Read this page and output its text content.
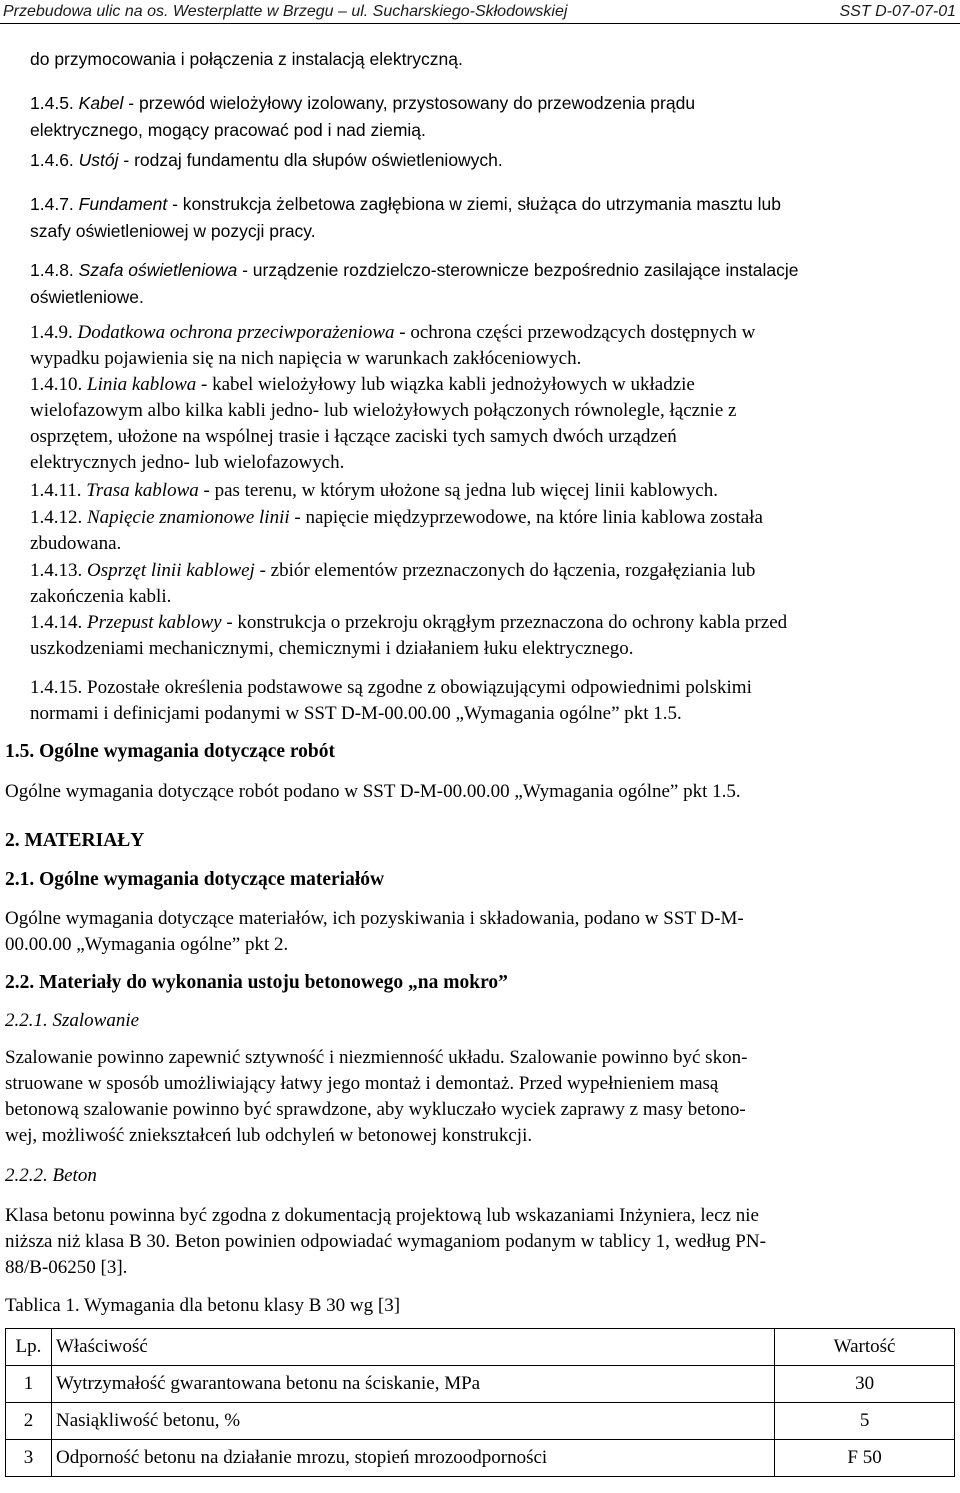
Przebudowa ulic na os. Westerplatte w Brzegu – ul. Sucharskiego-Skłodowskiej	SST D-07-07-01
do przymocowania i połączenia z instalacją elektryczną.
1.4.5. Kabel - przewód wielożyłowy izolowany, przystosowany do przewodzenia prądu
elektrycznego, mogący pracować pod i nad ziemią.
1.4.6. Ustój - rodzaj fundamentu dla słupów oświetleniowych.
1.4.7. Fundament - konstrukcja żelbetowa zagłębiona w ziemi, służąca do utrzymania masztu lub
szafy oświetleniowej w pozycji pracy.
1.4.8. Szafa oświetleniowa - urządzenie rozdzielczo-sterownicze bezpośrednio zasilające instalacje
oświetleniowe.
1.4.9. Dodatkowa ochrona przeciwporażeniowa - ochrona części przewodzących dostępnych w
wypadku pojawienia się na nich napięcia w warunkach zakłóceniowych.
1.4.10. Linia kablowa - kabel wielożyłowy lub wiązka kabli jednożyłowych w układzie
wielofazowym albo kilka kabli jedno- lub wielożyłowych połączonych równolegle, łącznie z
osprzętem, ułożone na wspólnej trasie i łączące zaciski tych samych dwóch urządzeń
elektrycznych jedno- lub wielofazowych.
1.4.11. Trasa kablowa - pas terenu, w którym ułożone są jedna lub więcej linii kablowych.
1.4.12. Napięcie znamionowe linii - napięcie międzyprzewodowe, na które linia kablowa została
zbudowana.
1.4.13. Osprzęt linii kablowej - zbiór elementów przeznaczonych do łączenia, rozgałęziania lub
zakończenia kabli.
1.4.14. Przepust kablowy - konstrukcja o przekroju okrągłym przeznaczona do ochrony kabla przed
uszkodzeniami mechanicznymi, chemicznymi i działaniem łuku elektrycznego.
1.4.15. Pozostałe określenia podstawowe są zgodne z obowiązującymi odpowiednimi polskimi
normami i definicjami podanymi w SST D-M-00.00.00 „Wymagania ogólne” pkt 1.5.
1.5. Ogólne wymagania dotyczące robót
Ogólne wymagania dotyczące robót podano w SST D-M-00.00.00 „Wymagania ogólne” pkt 1.5.
2. MATERIAŁY
2.1. Ogólne wymagania dotyczące materiałów
Ogólne wymagania dotyczące materiałów, ich pozyskiwania i składowania, podano w SST D-M-
00.00.00 „Wymagania ogólne” pkt 2.
2.2. Materiały do wykonania ustoju betonowego „na mokro”
2.2.1. Szalowanie
Szalowanie powinno zapewnić sztywność i niezmienność układu. Szalowanie powinno być skon-
struowane w sposób umożliwiający łatwy jego montaż i demontaż. Przed wypełnieniem masą
betonową szalowanie powinno być sprawdzone, aby wykluczało wyciek zaprawy z masy betono-
wej, możliwość zniekształceń lub odchyleń w betonowej konstrukcji.
2.2.2. Beton
Klasa betonu powinna być zgodna z dokumentacją projektową lub wskazaniami Inżyniera, lecz nie
niższa niż klasa B 30. Beton powinien odpowiadać wymaganiom podanym w tablicy 1, według PN-
88/B-06250 [3].
Tablica 1. Wymagania dla betonu klasy B 30 wg [3]
Lp.	Właściwość	Wartość
1	Wytrzymałość gwarantowana betonu na ściskanie, MPa	30
2	Nasiąkliwość betonu, %	5
3	Odporność betonu na działanie mrozu, stopień mrozoodporności	F 50
